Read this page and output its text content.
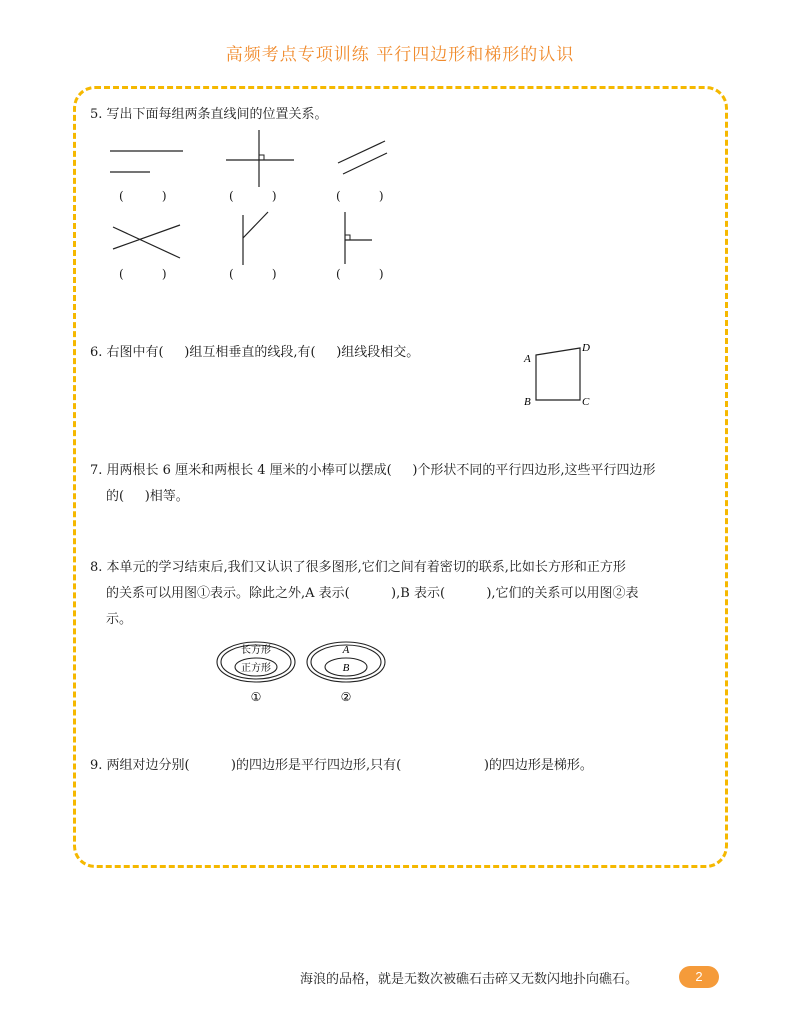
高频考点专项训练 平行四边形和梯形的认识
5. 写出下面每组两条直线间的位置关系。
(          )	(          )	(          )
(          )	(          )	(          )
6. 右图中有(     )组互相垂直的线段,有(     )组线段相交。	A
D
B	C
7. 用两根长 6 厘米和两根长 4 厘米的小棒可以摆成(     )个形状不同的平行四边形,这些平行四边形
的(     )相等。
8. 本单元的学习结束后,我们又认识了很多图形,它们之间有着密切的联系,比如长方形和正方形
的关系可以用图①表示。除此之外,A 表示(          ),B 表示(          ),它们的关系可以用图②表
示。
长方形
正方形
①
A
B
②
9. 两组对边分别(          )的四边形是平行四边形,只有(                    )的四边形是梯形。
海浪的品格，就是无数次被礁石击碎又无数闪地扑向礁石。	2
